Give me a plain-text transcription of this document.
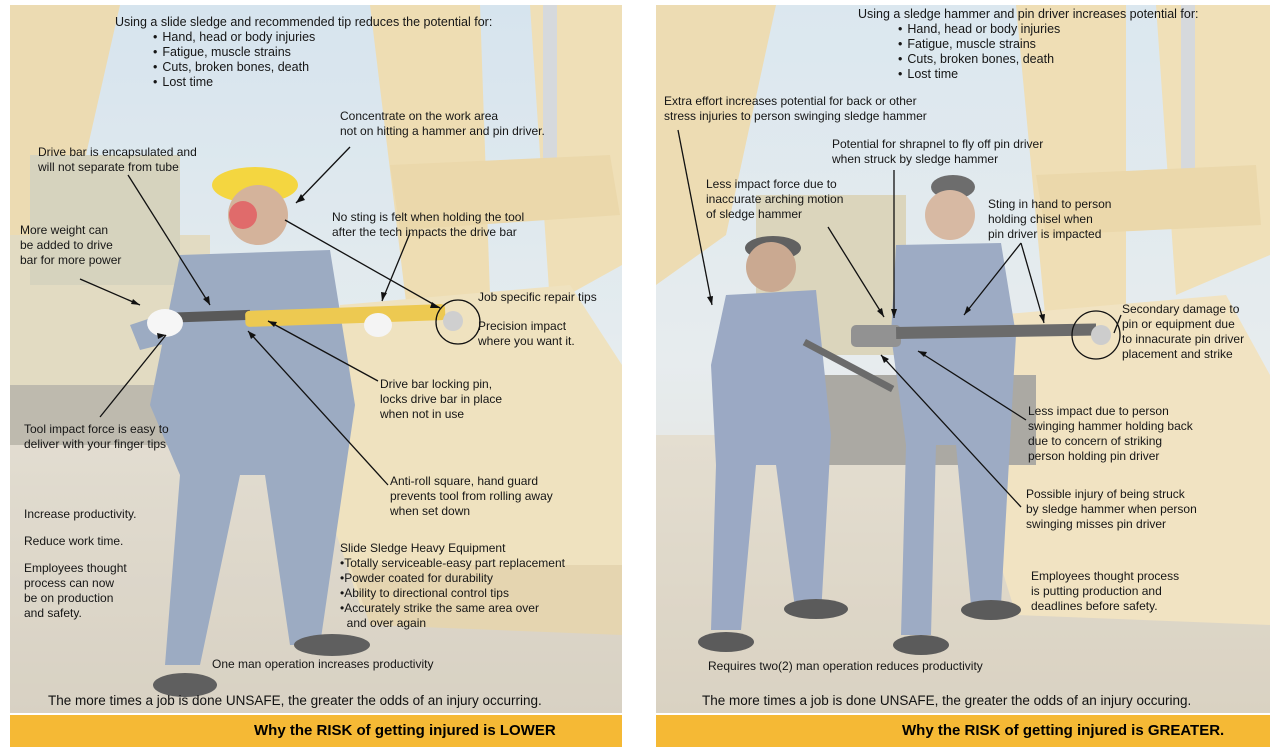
Using a slide sledge and recommended tip reduces the potential for:
• Hand, head or body injuries
• Fatigue, muscle strains
• Cuts, broken bones, death
• Lost time
Concentrate on the work area
not on hitting a hammer and pin driver.
Drive bar is encapsulated and
will not separate from tube
No sting is felt when holding the tool
after the tech impacts the drive bar
More weight can
be added to drive
bar for more power
Job specific repair tips
Precision impact
where you want it.
Drive bar locking pin,
locks drive bar in place
when not in use
Tool impact force is easy to
deliver with your finger tips
Anti-roll square, hand guard
prevents tool from rolling away
when set down
Increase productivity.
Reduce work time.
Employees thought
process can now
be on production
and safety.
Slide Sledge Heavy Equipment
• Totally serviceable-easy part replacement
• Powder coated for durability
• Ability to directional control tips
• Accurately strike the same area over
and over again
One man operation increases productivity
The more times a job is done UNSAFE, the greater the odds of an injury occurring.
Why the RISK of getting injured is LOWER
Using a sledge hammer and pin driver increases potential for:
• Hand, head or body injuries
• Fatigue, muscle strains
• Cuts, broken bones, death
• Lost time
Extra effort increases potential for back or other
stress injuries to person swinging sledge hammer
Potential for shrapnel to fly off pin driver
when struck by sledge hammer
Less impact force due to
inaccurate arching motion
of sledge hammer
Sting in hand to person
holding chisel when
pin driver is impacted
Secondary damage to
pin or equipment due
to innacurate pin driver
placement and strike
Less impact due to person
swinging hammer holding back
due to concern of striking
person holding pin driver
Possible injury of being struck
by sledge hammer when person
swinging misses pin driver
Employees thought process
is putting production and
deadlines before safety.
Requires two(2) man operation reduces productivity
The more times a job is done UNSAFE, the greater the odds of an injury occuring.
Why the RISK of getting injured is GREATER.
